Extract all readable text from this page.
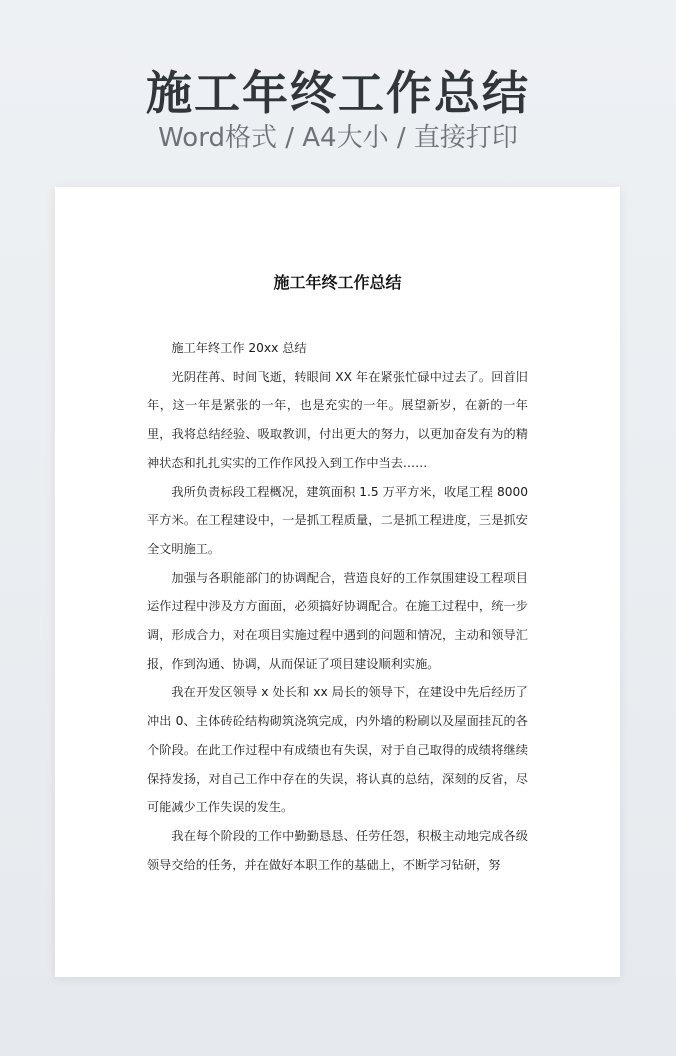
施工年终工作总结
Word格式 / A4大小 / 直接打印
施工年终工作总结

施工年终工作 20xx 总结

光阴荏苒、时间飞逝，转眼间 XX 年在紧张忙碌中过去了。回首旧年，这一年是紧张的一年，也是充实的一年。展望新岁，在新的一年里，我将总结经验、吸取教训，付出更大的努力，以更加奋发有为的精神状态和扎扎实实的工作作风投入到工作中当去……

我所负责标段工程概况，建筑面积 1.5 万平方米，收尾工程 8000 平方米。在工程建设中，一是抓工程质量，二是抓工程进度，三是抓安全文明施工。

加强与各职能部门的协调配合，营造良好的工作氛围建设工程项目运作过程中涉及方方面面，必须搞好协调配合。在施工过程中，统一步调，形成合力，对在项目实施过程中遇到的问题和情况，主动和领导汇报，作到沟通、协调，从而保证了项目建设顺利实施。

我在开发区领导 x 处长和 xx 局长的领导下，在建设中先后经历了冲出 0、主体砖砼结构砌筑浇筑完成，内外墙的粉刷以及屋面挂瓦的各个阶段。在此工作过程中有成绩也有失误，对于自己取得的成绩将继续保持发扬，对自己工作中存在的失误，将认真的总结，深刻的反省，尽可能减少工作失误的发生。

我在每个阶段的工作中勤勤恳恳、任劳任怨，积极主动地完成各级领导交给的任务，并在做好本职工作的基础上，不断学习钻研，努
